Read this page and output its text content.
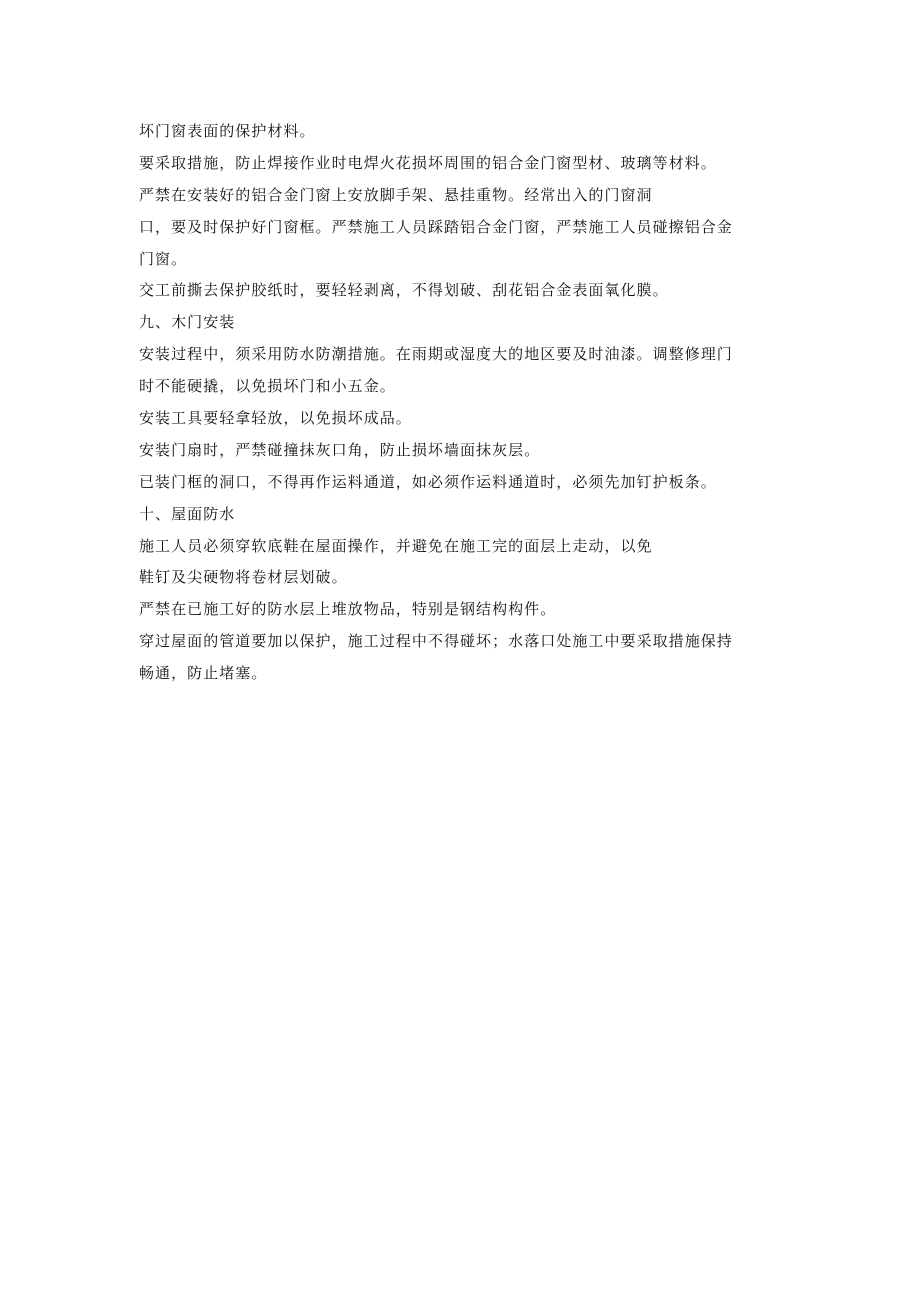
坏门窗表面的保护材料。
要采取措施，防止焊接作业时电焊火花损坏周围的铝合金门窗型材、玻璃等材料。
严禁在安装好的铝合金门窗上安放脚手架、悬挂重物。经常出入的门窗洞
口，要及时保护好门窗框。严禁施工人员踩踏铝合金门窗，严禁施工人员碰擦铝合金
门窗。
交工前撕去保护胶纸时，要轻轻剥离，不得划破、刮花铝合金表面氧化膜。
九、木门安装
安装过程中，须采用防水防潮措施。在雨期或湿度大的地区要及时油漆。调整修理门
时不能硬撬，以免损坏门和小五金。
安装工具要轻拿轻放，以免损坏成品。
安装门扇时，严禁碰撞抹灰口角，防止损坏墙面抹灰层。
已装门框的洞口，不得再作运料通道，如必须作运料通道时，必须先加钉护板条。
十、屋面防水
施工人员必须穿软底鞋在屋面操作，并避免在施工完的面层上走动，以免
鞋钉及尖硬物将卷材层划破。
严禁在已施工好的防水层上堆放物品，特别是钢结构构件。
穿过屋面的管道要加以保护，施工过程中不得碰坏；水落口处施工中要采取措施保持
畅通，防止堵塞。
